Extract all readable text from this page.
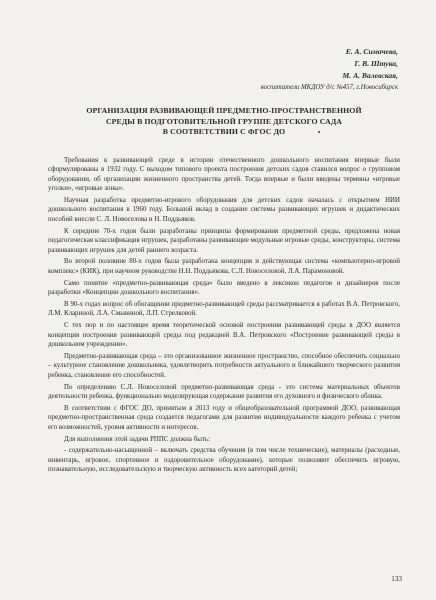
Е. А. Симачева,
Г. В. Штука,
М. А. Валевская,
воспитатели МКДОУ д/с №457, г.Новосибирск
ОРГАНИЗАЦИЯ РАЗВИВАЮЩЕЙ ПРЕДМЕТНО-ПРОСТРАНСТВЕННОЙ
СРЕДЫ В ПОДГОТОВИТЕЛЬНОЙ ГРУППЕ ДЕТСКОГО САДА
В СООТВЕТСТВИИ С ФГОС ДО

Требования к развивающей среде в истории отечественного дошкольного воспитания впервые были сформулированы в 1932 году. С выходом типового проекта построения детских садов ставился вопрос о групповом оборудовании, об организации жизненного пространства детей. Тогда впервые и были введены термины «игровые уголки», «игровые зоны».

Научная разработка предметно-игрового оборудования для детских садов началась с открытием НИИ дошкольного воспитания в 1960 году. Большой вклад в создание системы развивающих игрушек и дидактических пособий внесли С. Л. Новоселова и Н. Поддьяков.

К середине 70-х годов были разработаны принципы формирования предметной среды, предложена новая педагогическая классификация игрушек, разработаны развивающие модульные игровые среды, конструкторы, система развивающих игрушек для детей раннего возраста.

Во второй половине 80-х годов была разработана концепция и действующая система «компьютерно-игровой комплекс» (КИК), при научном руководстве Н.Н. Поддьякова, С.Л. Новоселовой, Л.А. Парамоновой.

Само понятие «предметно-развивающая среда» было введено в лексикон педагогов и дизайнеров после разработки «Концепции дошкольного воспитания».

В 90-х годах вопрос об обогащении предметно-развивающей среды рассматривается в работах В.А. Петровского, Л.М. Клариной, Л.А. Смывиной, Л.П. Стрелковой.

С тех пор и по настоящее время теоретической основой построения развивающей среды в ДОО является концепция построения развивающей среды под редакцией В.А. Петровского «Построение развивающей среды в дошкольном учреждении».

Предметно-развивающая среда – это организованное жизненное пространство, способное обеспечить социально – культурное становление дошкольника, удовлетворить потребности актуального и ближайшего творческого развития ребенка, становление его способностей.

По определению С.Л. Новоселовой предметно-развивающая среда - это система материальных объектов деятельности ребенка, функционально моделирующая содержание развития его духовного и физического облика.

В соответствии с ФГОС ДО, принятым в 2013 году и общеобразовательной программой ДОО, развивающая предметно-пространственная среда создается педагогами для развития индивидуальности каждого ребенка с учетом его возможностей, уровня активности и интересов.

Для выполнения этой задачи РППС должна быть:

- содержательно-насыщенной – включать средства обучения (в том числе технические), материалы (расходные, инвентарь, игровое, спортивное и оздоровительное оборудование), которые позволяют обеспечить игровую, познавательную, исследовательскую и творческую активность всех категорий детей;

133
